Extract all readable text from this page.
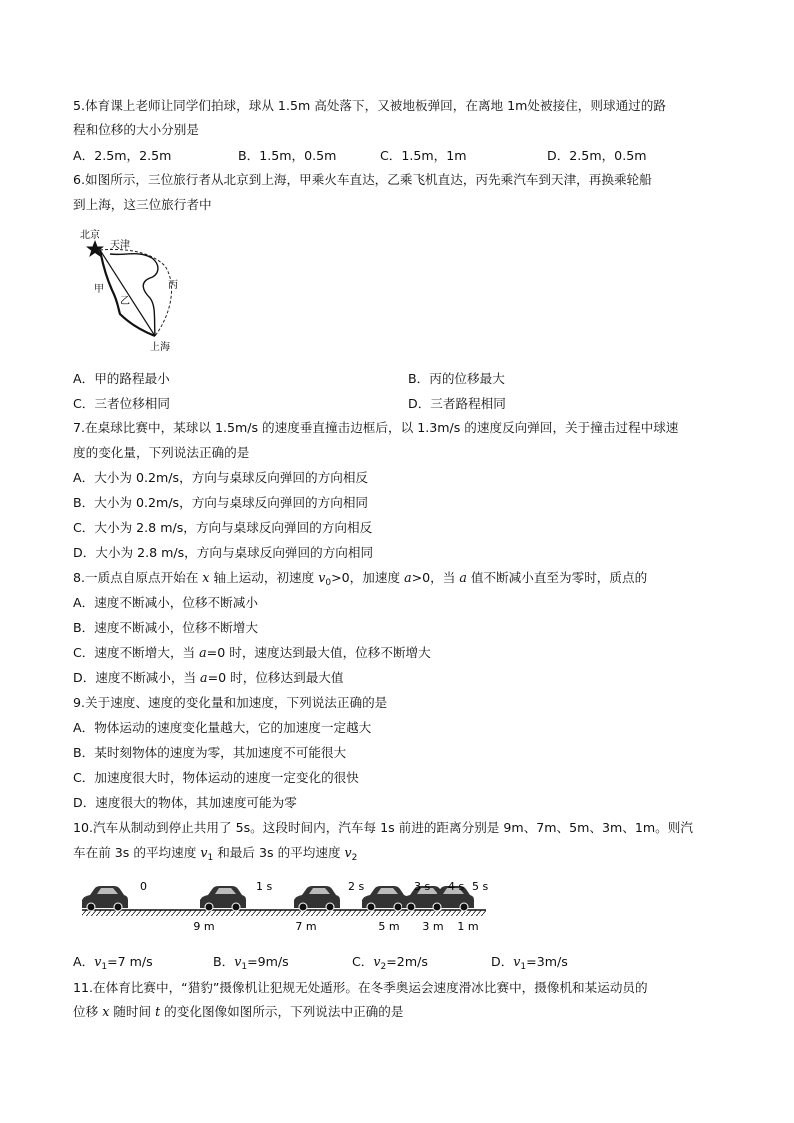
5.体育课上老师让同学们拍球，球从 1.5m 高处落下，又被地板弹回，在离地 1m处被接住，则球通过的路
程和位移的大小分别是
A．2.5m，2.5m	B．1.5m，0.5m	C．1.5m，1m	D．2.5m，0.5m
6.如图所示，三位旅行者从北京到上海，甲乘火车直达，乙乘飞机直达，丙先乘汽车到天津，再换乘轮船
到上海，这三位旅行者中
北京
天津
甲
乙
丙
上海
A．甲的路程最小	B．丙的位移最大
C．三者位移相同	D．三者路程相同
7.在桌球比赛中，某球以 1.5m/s 的速度垂直撞击边框后，以 1.3m/s 的速度反向弹回，关于撞击过程中球速
度的变化量，下列说法正确的是
A．大小为 0.2m/s，方向与桌球反向弹回的方向相反
B．大小为 0.2m/s，方向与桌球反向弹回的方向相同
C．大小为 2.8 m/s，方向与桌球反向弹回的方向相反
D．大小为 2.8 m/s，方向与桌球反向弹回的方向相同
8.一质点自原点开始在 x 轴上运动，初速度 $v_0>0$，加速度 a>0，当 a 值不断减小直至为零时，质点的
A．速度不断减小，位移不断减小
B．速度不断减小，位移不断增大
C．速度不断增大，当 a=0 时，速度达到最大值，位移不断增大
D．速度不断减小，当 a=0 时，位移达到最大值
9.关于速度、速度的变化量和加速度，下列说法正确的是
A．物体运动的速度变化量越大，它的加速度一定越大
B．某时刻物体的速度为零，其加速度不可能很大
C．加速度很大时，物体运动的速度一定变化的很快
D．速度很大的物体，其加速度可能为零
10.汽车从制动到停止共用了 5s。这段时间内，汽车每 1s 前进的距离分别是 9m、7m、5m、3m、1m。则汽
车在前 3s 的平均速度 $v_1$ 和最后 3s 的平均速度 $v_2$
0	1 s	2 s	3 s 4 s 5 s
9 m	7 m	5 m 3 m 1 m
A．$v_1=7$ m/s	B．$v_1=9m/s$	C．$v_2=2m/s$	D．$v_1=3m/s$
11.在体育比赛中，“猎豹”摄像机让犯规无处遁形。在冬季奥运会速度滑冰比赛中，摄像机和某运动员的
位移 x 随时间 t 的变化图像如图所示，下列说法中正确的是
